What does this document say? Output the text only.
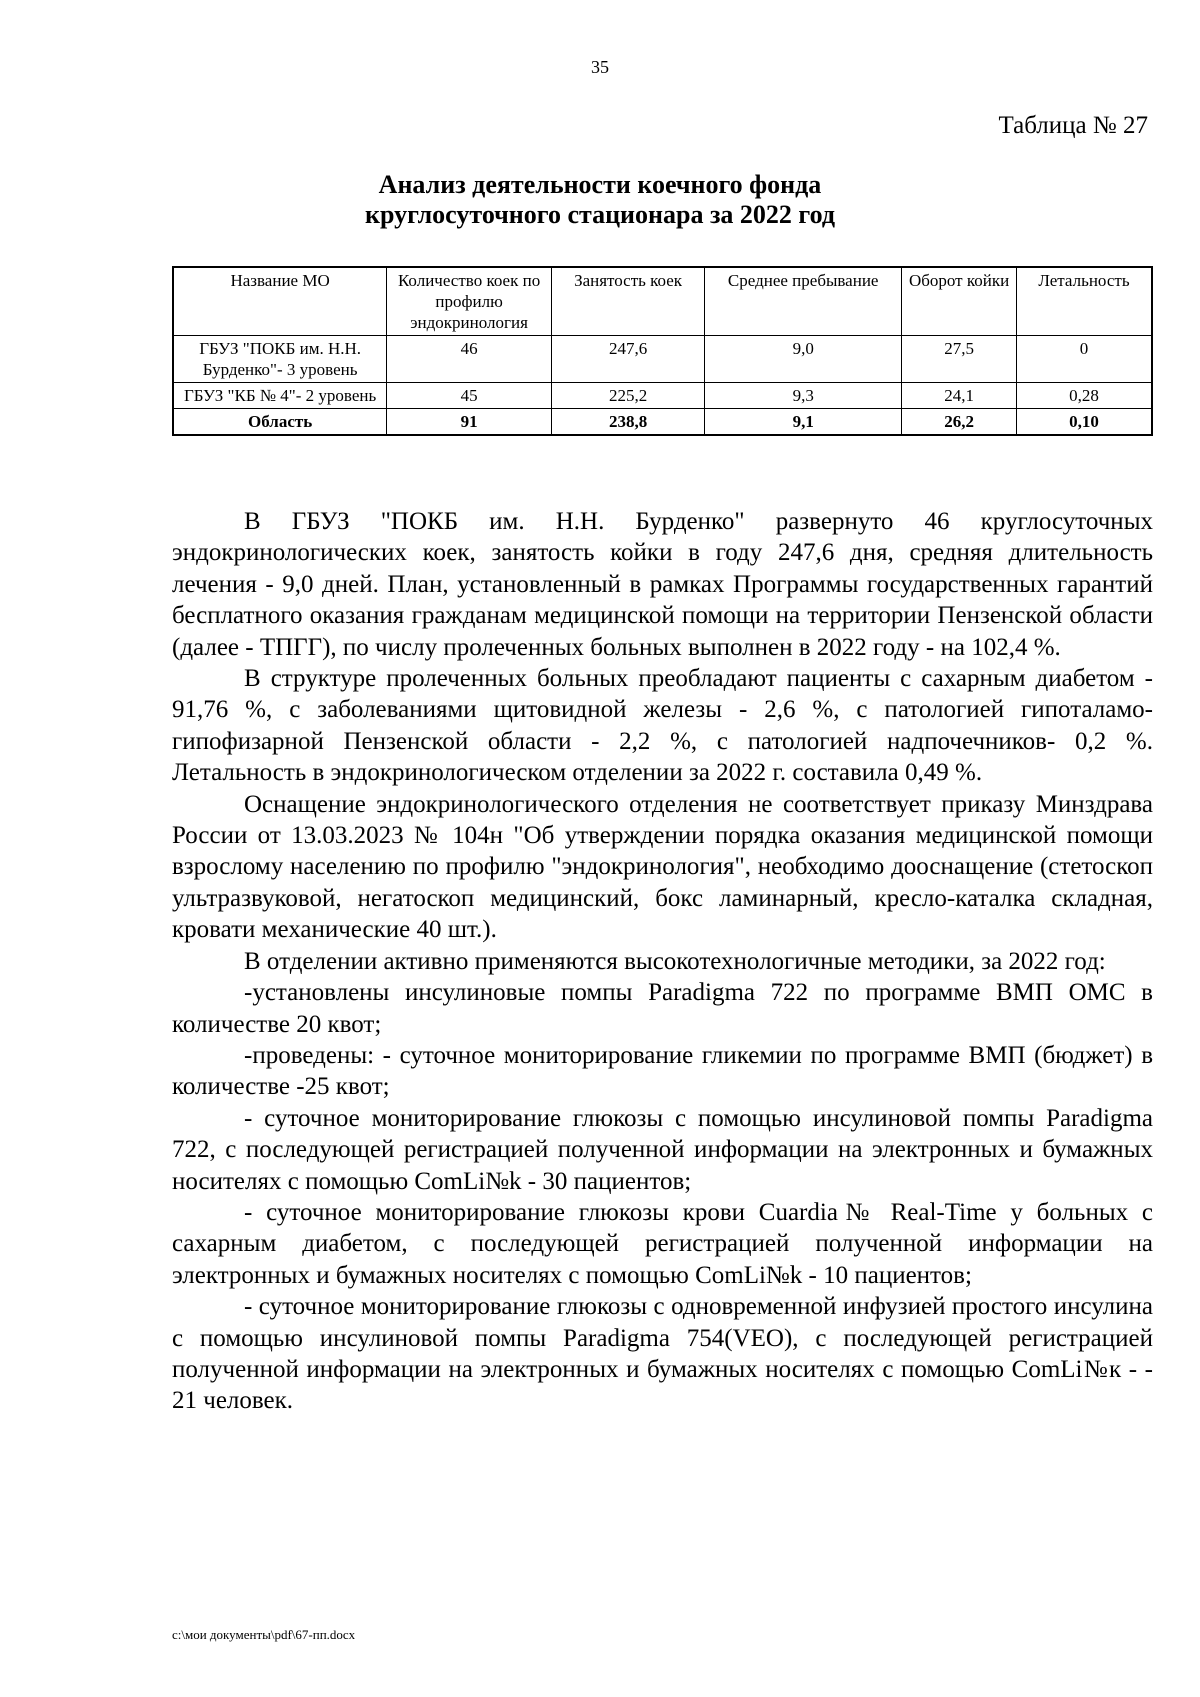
35
Таблица № 27
Анализ деятельности коечного фонда
круглосуточного стационара за 2022 год
Название МО	Количество коек по профилю эндокринология	Занятость коек	Среднее пребывание	Оборот койки	Летальность
ГБУЗ "ПОКБ им. Н.Н. Бурденко"- 3 уровень	46	247,6	9,0	27,5	0
ГБУЗ "КБ № 4"- 2 уровень	45	225,2	9,3	24,1	0,28
Область	91	238,8	9,1	26,2	0,10

В ГБУЗ "ПОКБ им. Н.Н. Бурденко" развернуто 46 круглосуточных эндокринологических коек, занятость койки в году 247,6 дня, средняя длительность лечения - 9,0 дней. План, установленный в рамках Программы государственных гарантий бесплатного оказания гражданам медицинской помощи на территории Пензенской области (далее - ТПГГ), по числу пролеченных больных выполнен в 2022 году - на 102,4 %.

В структуре пролеченных больных преобладают пациенты с сахарным диабетом - 91,76 %, с заболеваниями щитовидной железы - 2,6 %, с патологией гипоталамо-гипофизарной Пензенской области - 2,2 %, с патологией надпочечников- 0,2 %. Летальность в эндокринологическом отделении за 2022 г. составила 0,49 %.

Оснащение эндокринологического отделения не соответствует приказу Минздрава России от 13.03.2023 № 104н "Об утверждении порядка оказания медицинской помощи взрослому населению по профилю "эндокринология", необходимо дооснащение (стетоскоп ультразвуковой, негатоскоп медицинский, бокс ламинарный, кресло-каталка складная, кровати механические 40 шт.).

В отделении активно применяются высокотехнологичные методики, за 2022 год:

-установлены инсулиновые помпы Paradigma 722 по программе ВМП ОМС в количестве 20 квот;

-проведены: - суточное мониторирование гликемии по программе ВМП (бюджет) в количестве -25 квот;

- суточное мониторирование глюкозы с помощью инсулиновой помпы Paradigma 722, с последующей регистрацией полученной информации на электронных и бумажных носителях с помощью ComLi№k - 30 пациентов;

- суточное мониторирование глюкозы крови Cuardia№ Real-Time у больных с сахарным диабетом, с последующей регистрацией полученной информации на электронных и бумажных носителях с помощью ComLi№k - 10 пациентов;

- суточное мониторирование глюкозы с одновременной инфузией простого инсулина с помощью инсулиновой помпы Paradigma 754(VEO), с последующей регистрацией полученной информации на электронных и бумажных носителях с помощью ComLi№к - - 21 человек.

c:\мои документы\pdf\67-пп.docx
